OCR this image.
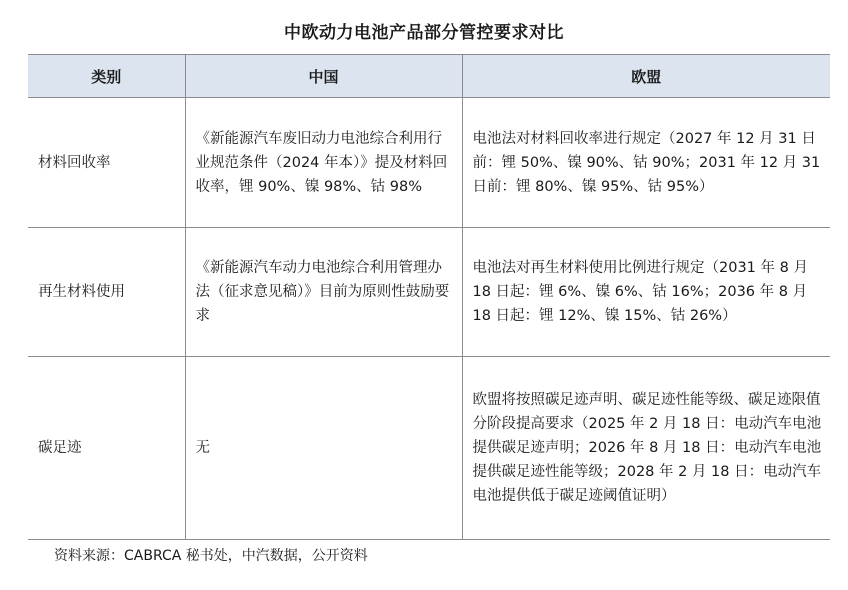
中欧动力电池产品部分管控要求对比
类别	中国	欧盟
材料回收率	《新能源汽车废旧动力电池综合利用行业规范条件（2024 年本）》提及材料回收率，锂 90%、镍 98%、钴 98%	电池法对材料回收率进行规定（2027 年 12 月 31 日前：锂 50%、镍 90%、钴 90%；2031 年 12 月 31 日前：锂 80%、镍 95%、钴 95%）
再生材料使用	《新能源汽车动力电池综合利用管理办法（征求意见稿）》目前为原则性鼓励要求	电池法对再生材料使用比例进行规定（2031 年 8 月 18 日起：锂 6%、镍 6%、钴 16%；2036 年 8 月 18 日起：锂 12%、镍 15%、钴 26%）
碳足迹	无	欧盟将按照碳足迹声明、碳足迹性能等级、碳足迹限值分阶段提高要求（2025 年 2 月 18 日：电动汽车电池提供碳足迹声明；2026 年 8 月 18 日：电动汽车电池提供碳足迹性能等级；2028 年 2 月 18 日：电动汽车电池提供低于碳足迹阈值证明）
资料来源：CABRCA 秘书处，中汽数据，公开资料
